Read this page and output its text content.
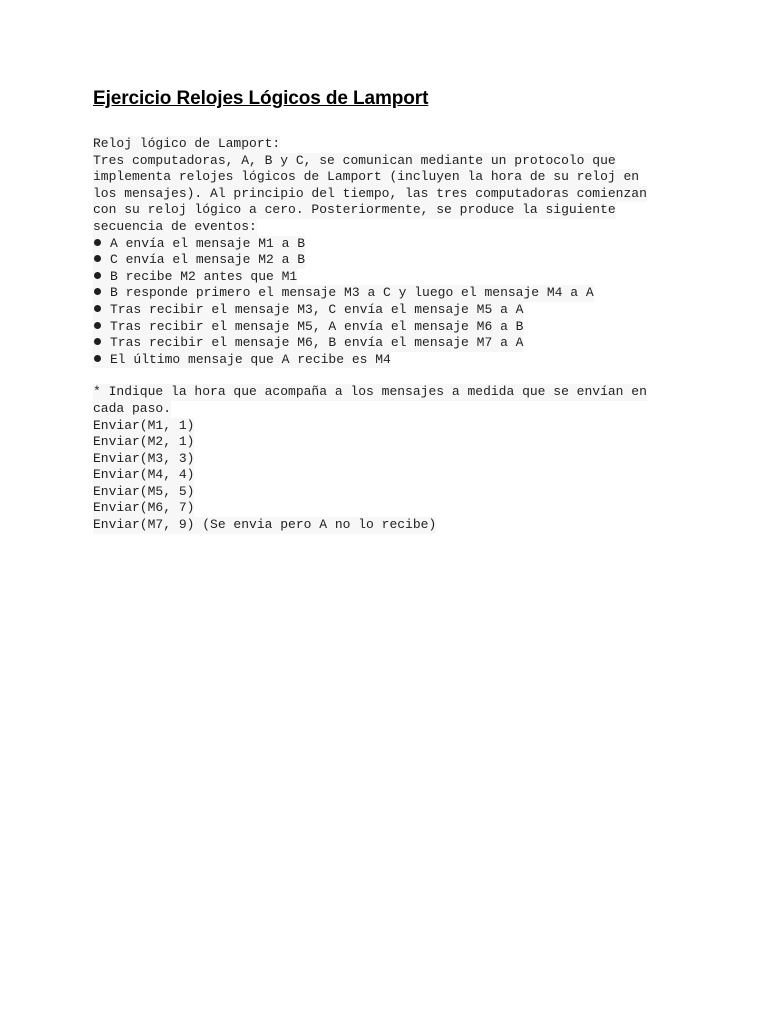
Ejercicio Relojes Lógicos de Lamport
Reloj lógico de Lamport:
Tres computadoras, A, B y C, se comunican mediante un protocolo que
implementa relojes lógicos de Lamport (incluyen la hora de su reloj en
los mensajes). Al principio del tiempo, las tres computadoras comienzan
con su reloj lógico a cero. Posteriormente, se produce la siguiente
secuencia de eventos:
A envía el mensaje M1 a B
C envía el mensaje M2 a B
B recibe M2 antes que M1
B responde primero el mensaje M3 a C y luego el mensaje M4 a A
Tras recibir el mensaje M3, C envía el mensaje M5 a A
Tras recibir el mensaje M5, A envía el mensaje M6 a B
Tras recibir el mensaje M6, B envía el mensaje M7 a A
El último mensaje que A recibe es M4
* Indique la hora que acompaña a los mensajes a medida que se envían en
cada paso.
Enviar(M1, 1)
Enviar(M2, 1)
Enviar(M3, 3)
Enviar(M4, 4)
Enviar(M5, 5)
Enviar(M6, 7)
Enviar(M7, 9) (Se envia pero A no lo recibe)
